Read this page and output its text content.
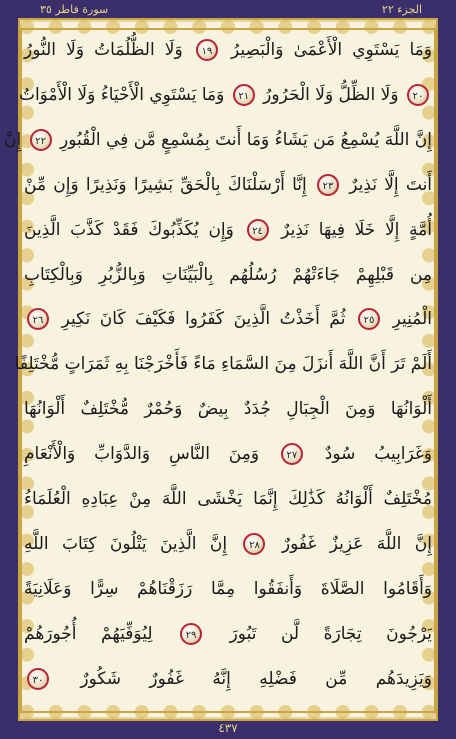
الجزء ٢٢
سورة فاطر ٣٥
وَمَا يَسْتَوِي الْأَعْمَىٰ وَالْبَصِيرُ ١٩ وَلَا الظُّلُمَاتُ وَلَا النُّورُ
٢٠ وَلَا الظِّلُّ وَلَا الْحَرُورُ ٢١ وَمَا يَسْتَوِي الْأَحْيَاءُ وَلَا الْأَمْوَاتُ
إِنَّ اللَّهَ يُسْمِعُ مَن يَشَاءُ وَمَا أَنتَ بِمُسْمِعٍ مَّن فِي الْقُبُورِ ٢٢ إِنْ
أَنتَ إِلَّا نَذِيرٌ ٢٣ إِنَّا أَرْسَلْنَاكَ بِالْحَقِّ بَشِيرًا وَنَذِيرًا وَإِن مِّنْ
أُمَّةٍ إِلَّا خَلَا فِيهَا نَذِيرٌ ٢٤ وَإِن يُكَذِّبُوكَ فَقَدْ كَذَّبَ الَّذِينَ
مِن قَبْلِهِمْ جَاءَتْهُمْ رُسُلُهُم بِالْبَيِّنَاتِ وَبِالزُّبُرِ وَبِالْكِتَابِ
الْمُنِيرِ ٢٥ ثُمَّ أَخَذْتُ الَّذِينَ كَفَرُوا فَكَيْفَ كَانَ نَكِيرِ ٢٦
أَلَمْ تَرَ أَنَّ اللَّهَ أَنزَلَ مِنَ السَّمَاءِ مَاءً فَأَخْرَجْنَا بِهِ ثَمَرَاتٍ مُّخْتَلِفًا
أَلْوَانُهَا وَمِنَ الْجِبَالِ جُدَدٌ بِيضٌ وَحُمْرٌ مُّخْتَلِفٌ أَلْوَانُهَا
وَغَرَابِيبُ سُودٌ ٢٧ وَمِنَ النَّاسِ وَالدَّوَابِّ وَالْأَنْعَامِ
مُخْتَلِفٌ أَلْوَانُهُ كَذَٰلِكَ إِنَّمَا يَخْشَى اللَّهَ مِنْ عِبَادِهِ الْعُلَمَاءُ
إِنَّ اللَّهَ عَزِيزٌ غَفُورٌ ٢٨ إِنَّ الَّذِينَ يَتْلُونَ كِتَابَ اللَّهِ
وَأَقَامُوا الصَّلَاةَ وَأَنفَقُوا مِمَّا رَزَقْنَاهُمْ سِرًّا وَعَلَانِيَةً
يَرْجُونَ تِجَارَةً لَّن تَبُورَ ٢٩ لِيُوَفِّيَهُمْ أُجُورَهُمْ
وَيَزِيدَهُم مِّن فَضْلِهِ إِنَّهُ غَفُورٌ شَكُورٌ ٣٠
٤٣٧
